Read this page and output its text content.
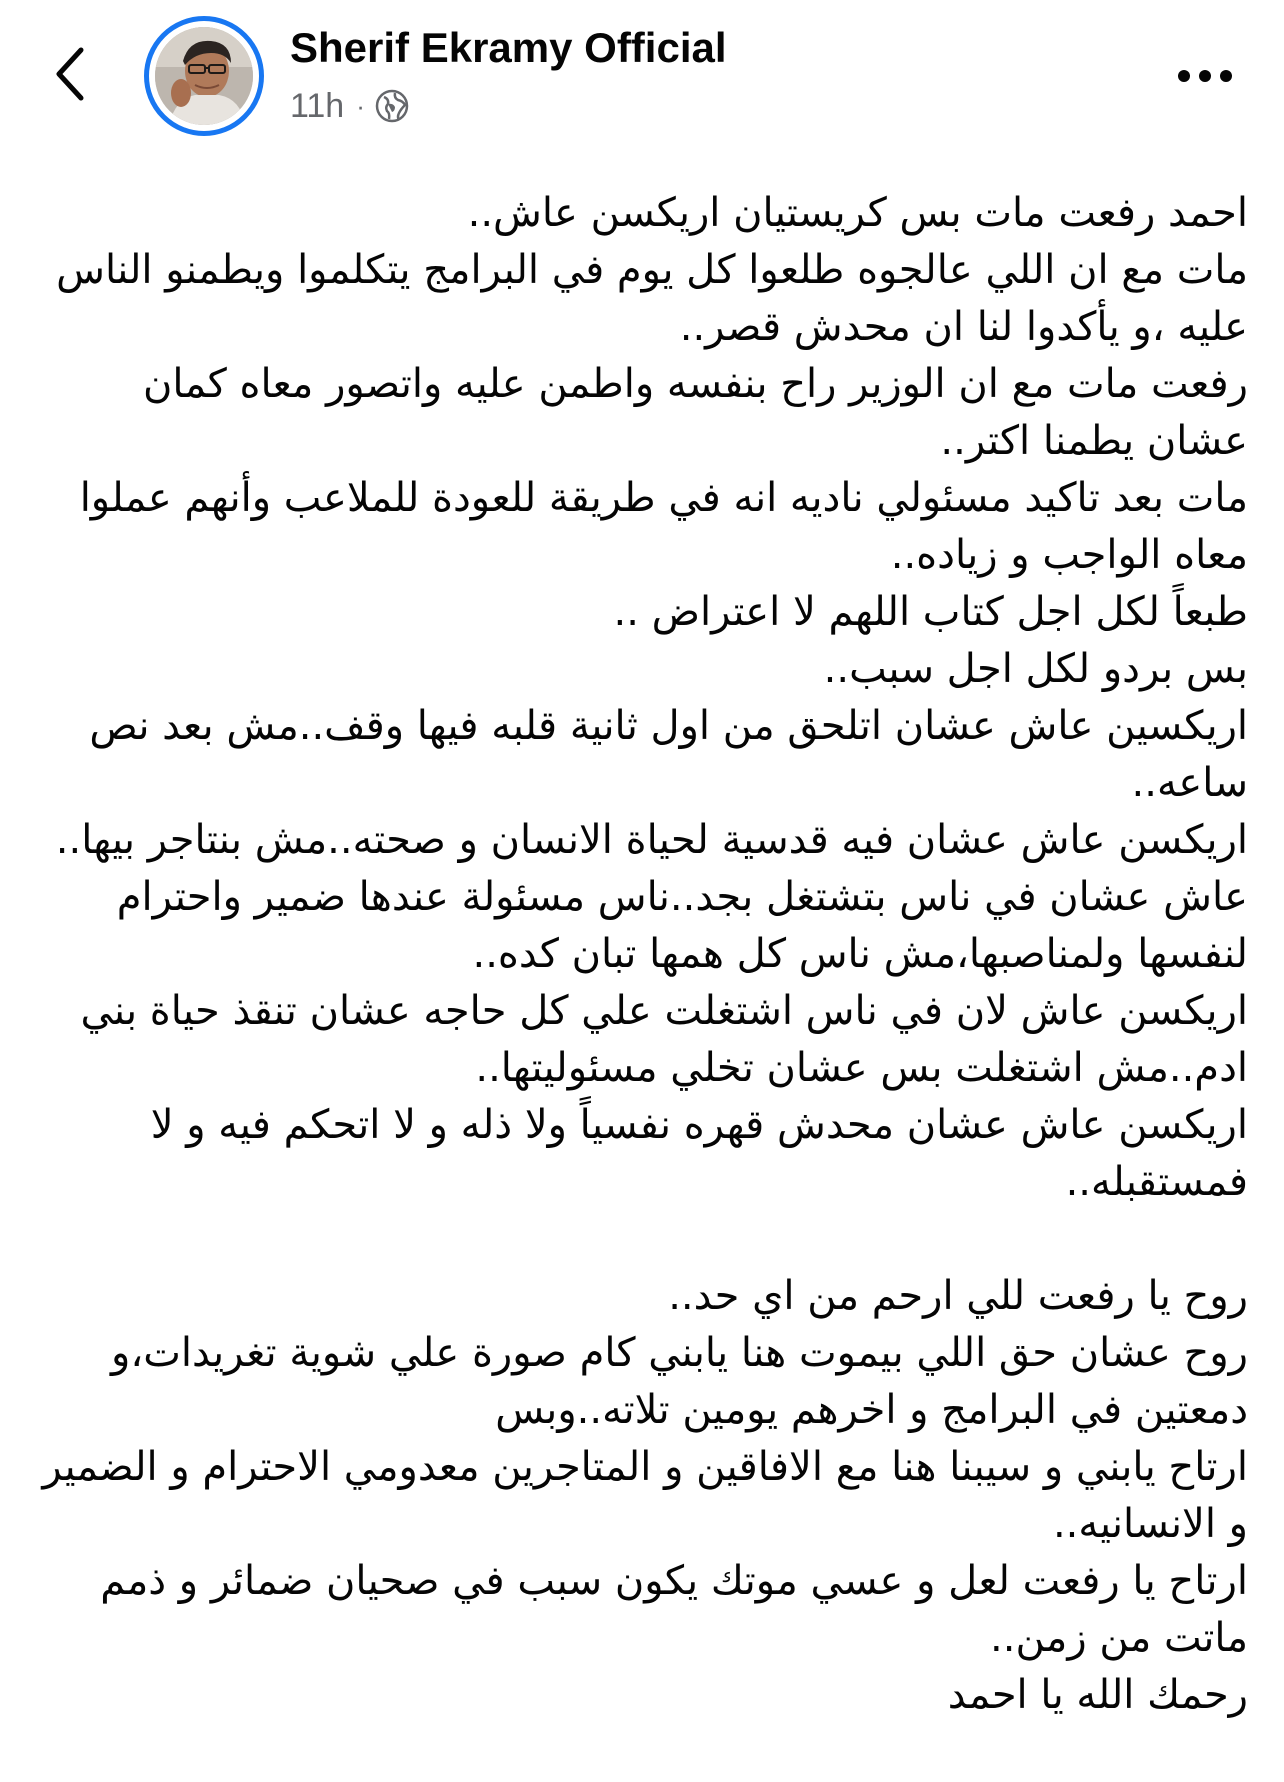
Sherif Ekramy Official
11h ·

احمد رفعت مات بس كريستيان اريكسن عاش..

مات مع ان اللي عالجوه طلعوا كل يوم في البرامج يتكلموا ويطمنو الناس عليه ،و يأكدوا لنا ان محدش قصر..

رفعت مات مع ان الوزير راح بنفسه واطمن عليه واتصور معاه كمان عشان يطمنا اكتر..

مات بعد تاكيد مسئولي ناديه انه في طريقة للعودة للملاعب وأنهم عملوا معاه الواجب و زياده..

طبعاً لكل اجل كتاب اللهم لا اعتراض ..

بس بردو لكل اجل سبب..

اريكسين عاش عشان اتلحق من اول ثانية قلبه فيها وقف..مش بعد نص ساعه..

اريكسن عاش عشان فيه قدسية لحياة الانسان و صحته..مش بنتاجر بيها..

عاش عشان في ناس بتشتغل بجد..ناس مسئولة عندها ضمير واحترام لنفسها ولمناصبها،مش ناس كل همها تبان كده..

اريكسن عاش لان في ناس اشتغلت علي كل حاجه عشان تنقذ حياة بني ادم..مش اشتغلت بس عشان تخلي مسئوليتها..

اريكسن عاش عشان محدش قهره نفسياً ولا ذله و لا اتحكم فيه و لا فمستقبله..

روح يا رفعت للي ارحم من اي حد..

روح عشان حق اللي بيموت هنا يابني كام صورة علي شوية تغريدات،و دمعتين في البرامج و اخرهم يومين تلاته..وبس

ارتاح يابني و سيبنا هنا مع الافاقين و المتاجرين معدومي الاحترام و الضمير و الانسانيه..

ارتاح يا رفعت لعل و عسي موتك يكون سبب في صحيان ضمائر و ذمم ماتت من زمن..

رحمك الله يا احمد
